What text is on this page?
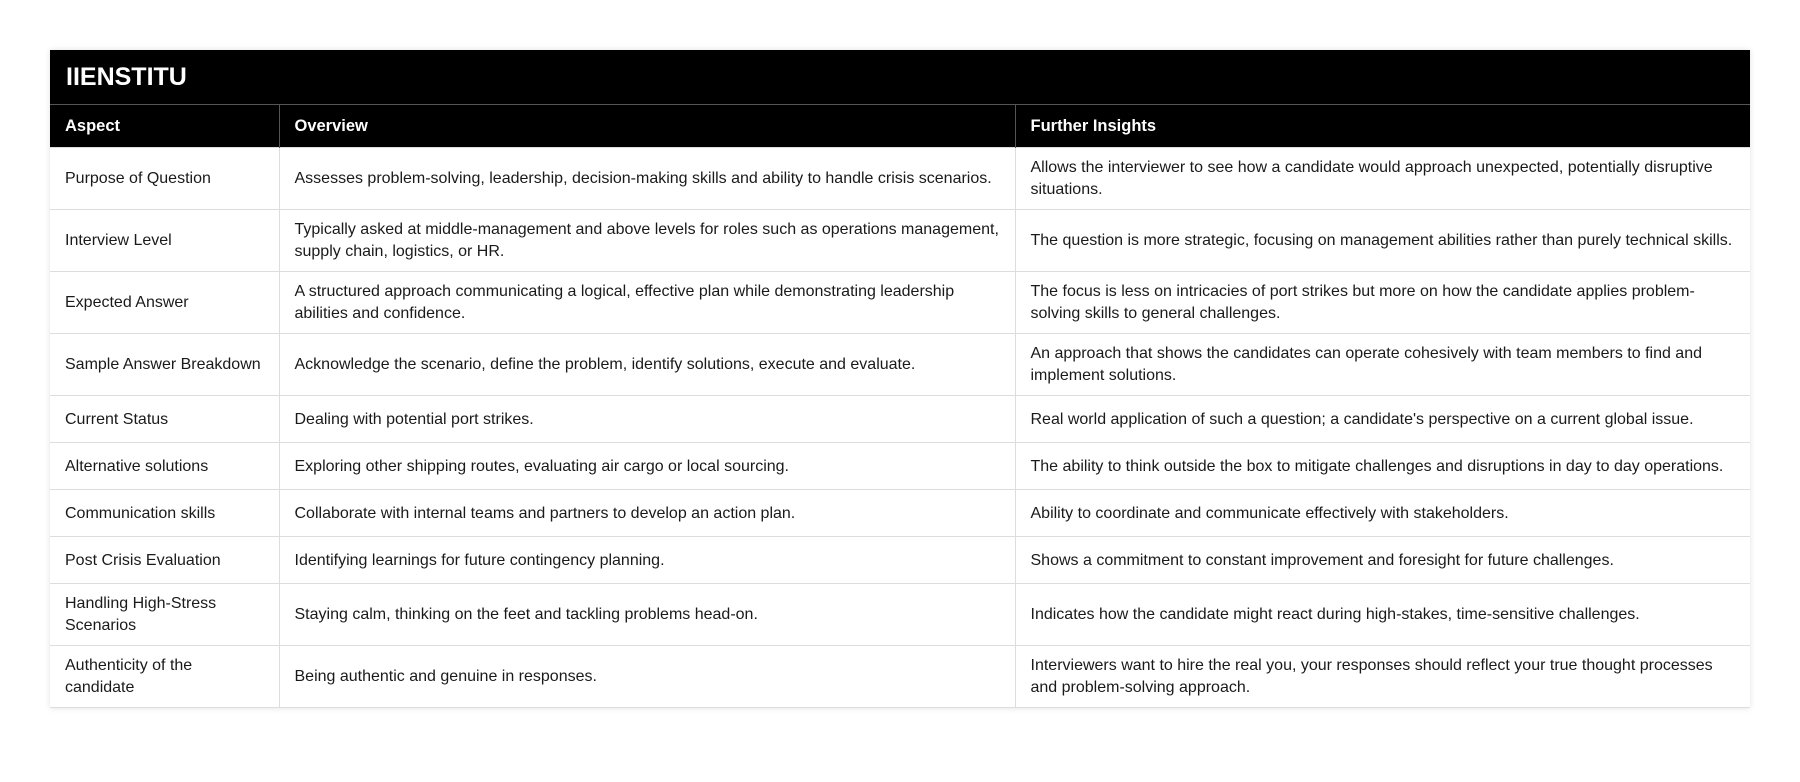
IIENSTITU
Aspect	Overview	Further Insights
Purpose of Question	Assesses problem-solving, leadership, decision-making skills and ability to handle crisis scenarios.	Allows the interviewer to see how a candidate would approach unexpected, potentially disruptive situations.
Interview Level	Typically asked at middle-management and above levels for roles such as operations management, supply chain, logistics, or HR.	The question is more strategic, focusing on management abilities rather than purely technical skills.
Expected Answer	A structured approach communicating a logical, effective plan while demonstrating leadership abilities and confidence.	The focus is less on intricacies of port strikes but more on how the candidate applies problem-solving skills to general challenges.
Sample Answer Breakdown	Acknowledge the scenario, define the problem, identify solutions, execute and evaluate.	An approach that shows the candidates can operate cohesively with team members to find and implement solutions.
Current Status	Dealing with potential port strikes.	Real world application of such a question; a candidate's perspective on a current global issue.
Alternative solutions	Exploring other shipping routes, evaluating air cargo or local sourcing.	The ability to think outside the box to mitigate challenges and disruptions in day to day operations.
Communication skills	Collaborate with internal teams and partners to develop an action plan.	Ability to coordinate and communicate effectively with stakeholders.
Post Crisis Evaluation	Identifying learnings for future contingency planning.	Shows a commitment to constant improvement and foresight for future challenges.
Handling High-Stress Scenarios	Staying calm, thinking on the feet and tackling problems head-on.	Indicates how the candidate might react during high-stakes, time-sensitive challenges.
Authenticity of the candidate	Being authentic and genuine in responses.	Interviewers want to hire the real you, your responses should reflect your true thought processes and problem-solving approach.
